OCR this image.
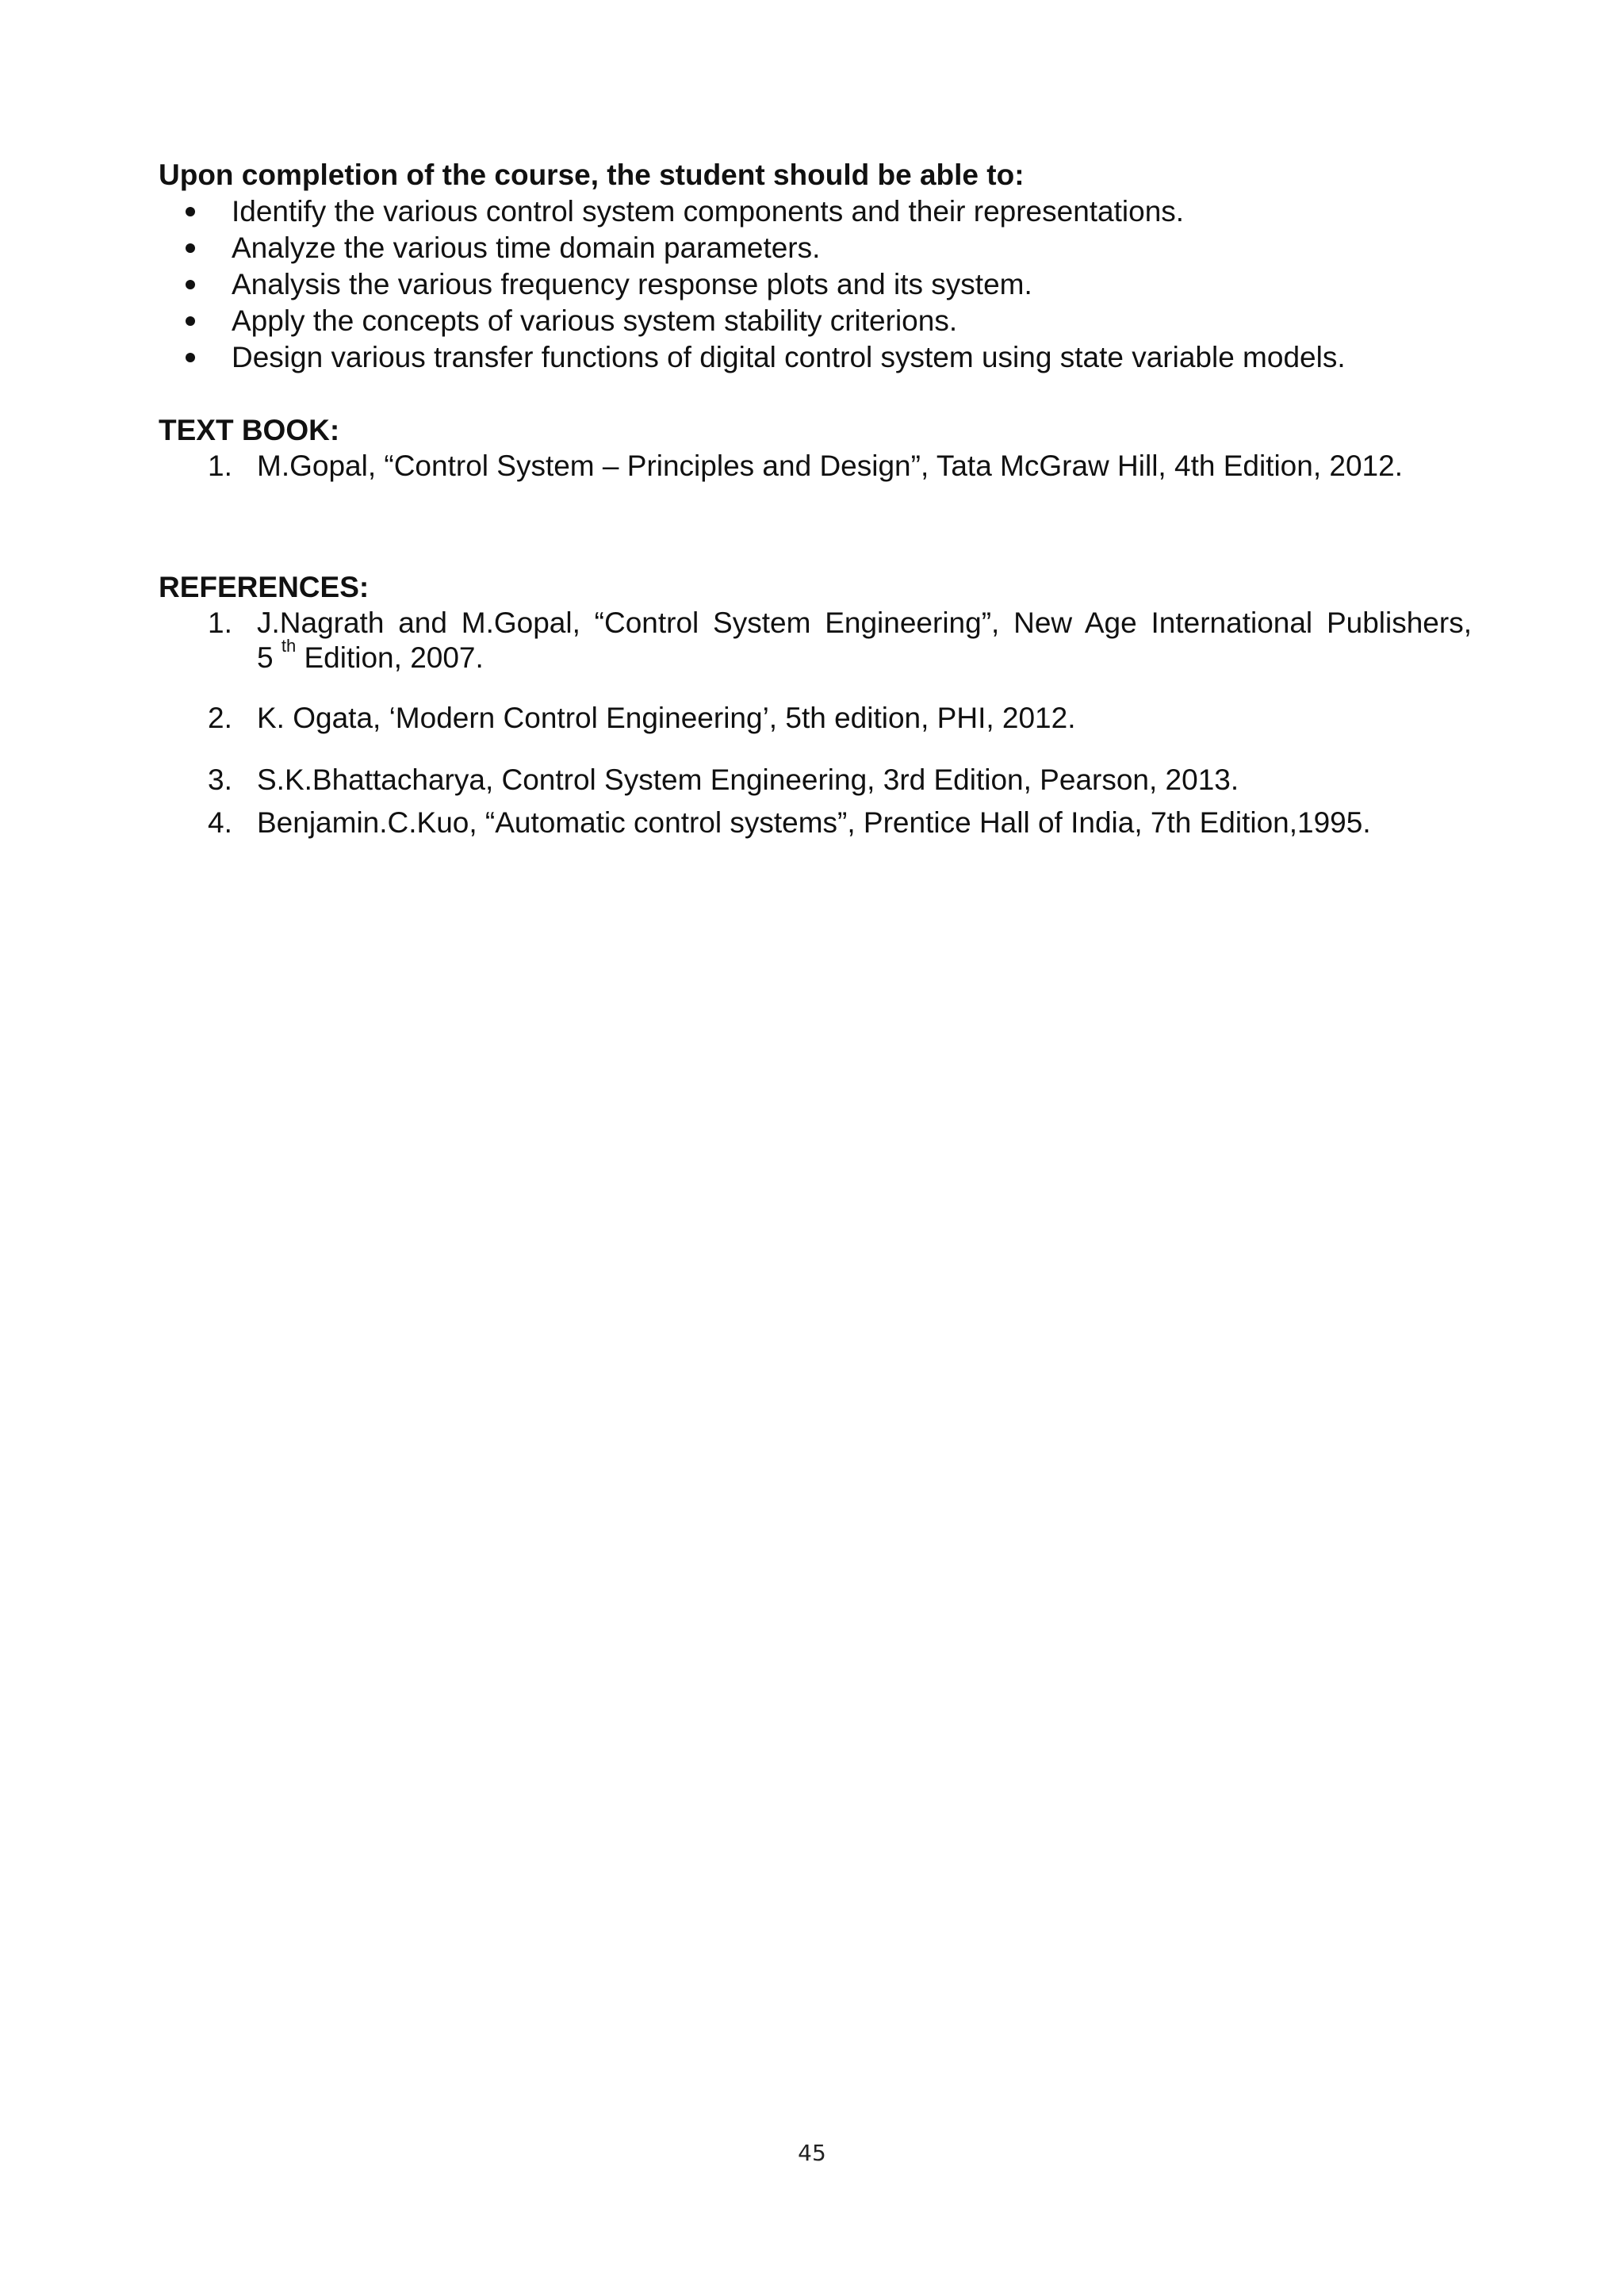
Upon completion of the course, the student should be able to:
Identify the various control system components and their representations.
Analyze the various time domain parameters.
Analysis the various frequency response plots and its system.
Apply the concepts of various system stability criterions.
Design various transfer functions of digital control system using state variable models.
TEXT BOOK:
1. M.Gopal, “Control System – Principles and Design”, Tata McGraw Hill, 4th Edition, 2012.
REFERENCES:
1. J.Nagrath and M.Gopal, “Control System Engineering”, New Age International Publishers,
5 $^{th}$ Edition, 2007.
2. K. Ogata, ‘Modern Control Engineering’, 5th edition, PHI, 2012.
3. S.K.Bhattacharya, Control System Engineering, 3rd Edition, Pearson, 2013.
4. Benjamin.C.Kuo, “Automatic control systems”, Prentice Hall of India, 7th Edition,1995.
45
